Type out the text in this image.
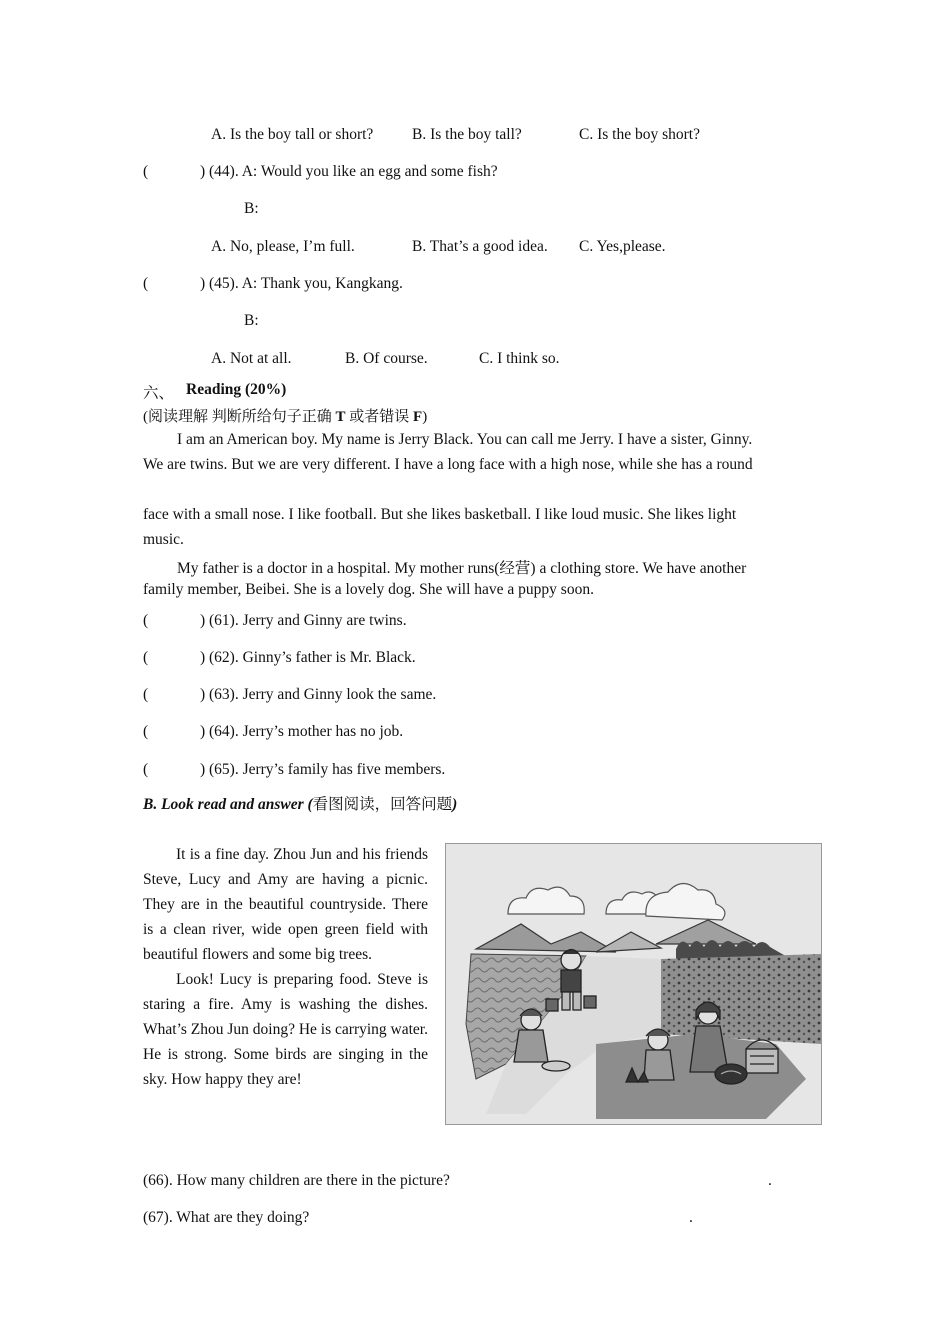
A. Is the boy tall or short? B. Is the boy tall?	C. Is the boy short?
(	) (44). A: Would you like an egg and some fish?
B:
A. No, please, I’m full.	B. That’s a good idea. C. Yes,please.
(	) (45). A: Thank you, Kangkang.
B:
A. Not at all.	B. Of course.	C. I think so.
六、 Reading (20%)
(阅读理解 判断所给句子正确 T 或者错误 F)
I am an American boy. My name is Jerry Black. You can call me Jerry. I have a sister, Ginny.
We are twins. But we are very different. I have a long face with a high nose, while she has a round
face with a small nose. I like football. But she likes basketball. I like loud music. She likes light
music.
My father is a doctor in a hospital. My mother runs(经营) a clothing store. We have another
family member, Beibei. She is a lovely dog. She will have a puppy soon.
(	) (61). Jerry and Ginny are twins.
(	) (62). Ginny’s father is Mr. Black.
(	) (63). Jerry and Ginny look the same.
(	) (64). Jerry’s mother has no job.
(	) (65). Jerry’s family has five members.
B. Look read and answer (看图阅读，回答问题)

It is a fine day. Zhou Jun and his friends Steve, Lucy and Amy are having a picnic. They are in the beautiful countryside. There is a clean river, wide open green field with beautiful flowers and some big trees.

Look! Lucy is preparing food. Steve is staring a fire. Amy is washing the dishes. What’s Zhou Jun doing? He is carrying water. He is strong. Some birds are singing in the sky. How happy they are!

(66). How many children are there in the picture?	.
(67). What are they doing?	.
